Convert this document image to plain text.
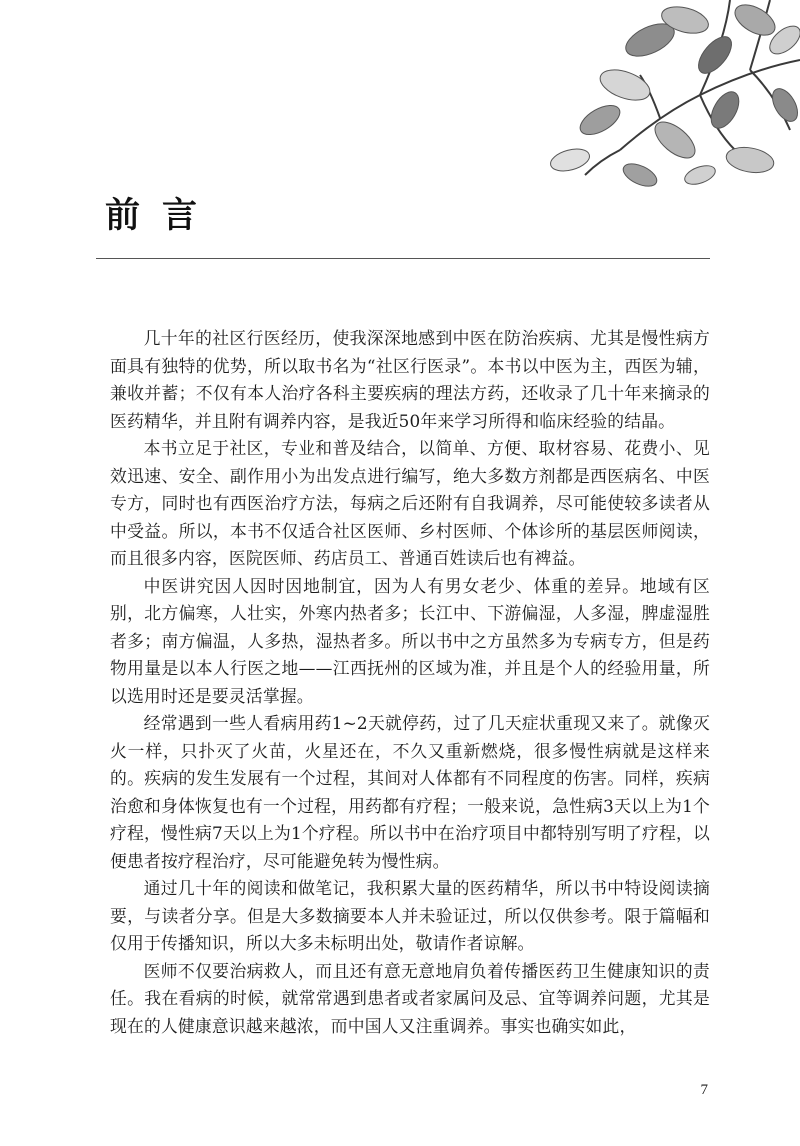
前言

几十年的社区行医经历，使我深深地感到中医在防治疾病、尤其是慢性病方面具有独特的优势，所以取书名为“社区行医录”。本书以中医为主，西医为辅，兼收并蓄；不仅有本人治疗各科主要疾病的理法方药，还收录了几十年来摘录的医药精华，并且附有调养内容，是我近50年来学习所得和临床经验的结晶。

本书立足于社区，专业和普及结合，以简单、方便、取材容易、花费小、见效迅速、安全、副作用小为出发点进行编写，绝大多数方剂都是西医病名、中医专方，同时也有西医治疗方法，每病之后还附有自我调养，尽可能使较多读者从中受益。所以，本书不仅适合社区医师、乡村医师、个体诊所的基层医师阅读，而且很多内容，医院医师、药店员工、普通百姓读后也有裨益。

中医讲究因人因时因地制宜，因为人有男女老少、体重的差异。地域有区别，北方偏寒，人壮实，外寒内热者多；长江中、下游偏湿，人多湿，脾虚湿胜者多；南方偏温，人多热，湿热者多。所以书中之方虽然多为专病专方，但是药物用量是以本人行医之地——江西抚州的区域为准，并且是个人的经验用量，所以选用时还是要灵活掌握。

经常遇到一些人看病用药1~2天就停药，过了几天症状重现又来了。就像灭火一样，只扑灭了火苗，火星还在，不久又重新燃烧，很多慢性病就是这样来的。疾病的发生发展有一个过程，其间对人体都有不同程度的伤害。同样，疾病治愈和身体恢复也有一个过程，用药都有疗程；一般来说，急性病3天以上为1个疗程，慢性病7天以上为1个疗程。所以书中在治疗项目中都特别写明了疗程，以便患者按疗程治疗，尽可能避免转为慢性病。

通过几十年的阅读和做笔记，我积累大量的医药精华，所以书中特设阅读摘要，与读者分享。但是大多数摘要本人并未验证过，所以仅供参考。限于篇幅和仅用于传播知识，所以大多未标明出处，敬请作者谅解。

医师不仅要治病救人，而且还有意无意地肩负着传播医药卫生健康知识的责任。我在看病的时候，就常常遇到患者或者家属问及忌、宜等调养问题，尤其是现在的人健康意识越来越浓，而中国人又注重调养。事实也确实如此，

7
